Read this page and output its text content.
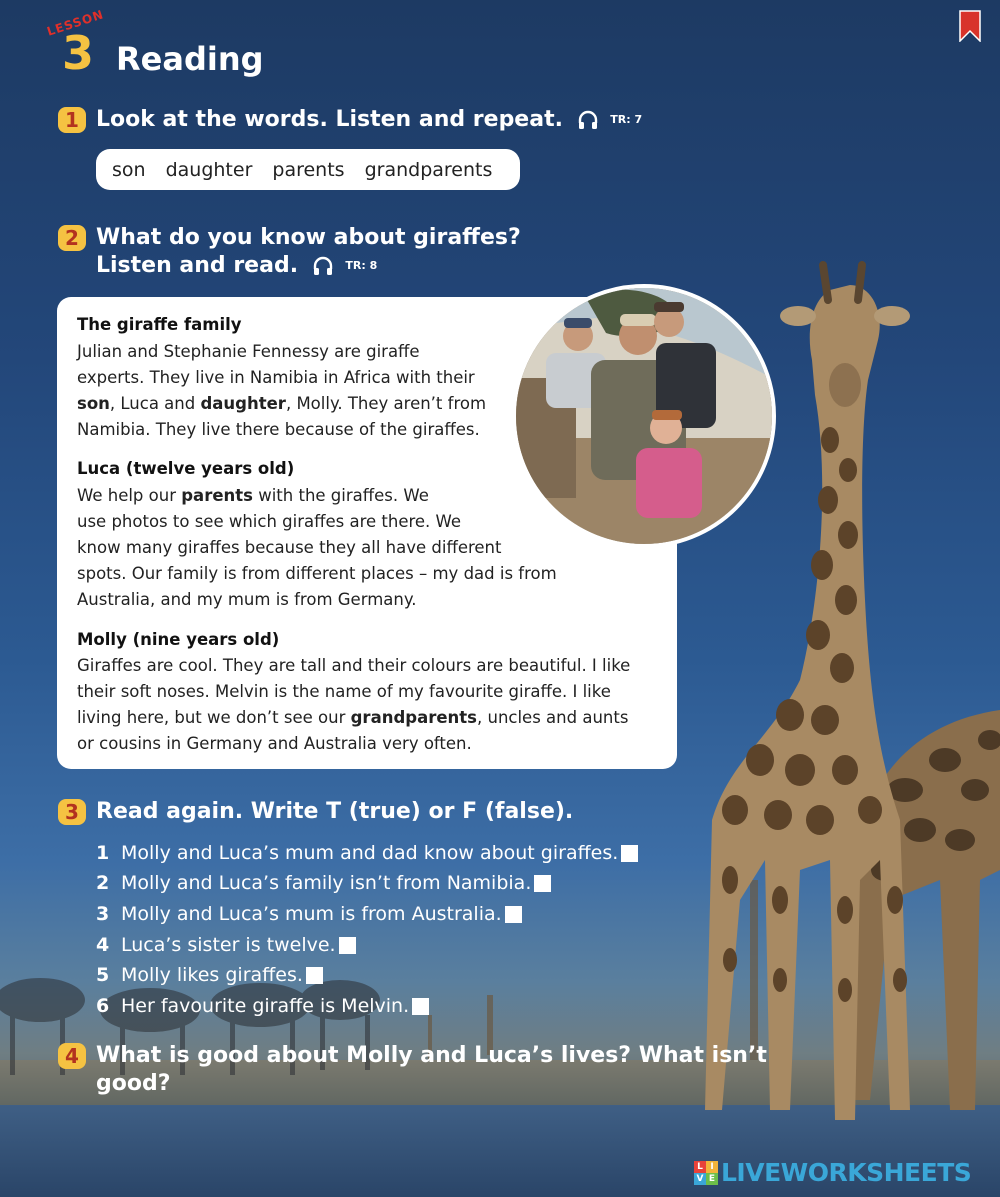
LESSON
3 Reading
1 Look at the words. Listen and repeat.	TR: 7
son daughter parents grandparents
2 What do you know about giraffes?
Listen and read.	TR: 8
The giraffe family
Julian and Stephanie Fennessy are giraffe
experts. They live in Namibia in Africa with their
son, Luca and daughter, Molly. They aren’t from
Namibia. They live there because of the giraffes.
Luca (twelve years old)
We help our parents with the giraffes. We
use photos to see which giraffes are there. We
know many giraffes because they all have different
spots. Our family is from different places – my dad is from
Australia, and my mum is from Germany.
Molly (nine years old)
Giraffes are cool. They are tall and their colours are beautiful. I like
their soft noses. Melvin is the name of my favourite giraffe. I like
living here, but we don’t see our grandparents, uncles and aunts
or cousins in Germany and Australia very often.
3 Read again. Write T (true) or F (false).
1 Molly and Luca’s mum and dad know about giraffes.
2 Molly and Luca’s family isn’t from Namibia.
3 Molly and Luca’s mum is from Australia.
4 Luca’s sister is twelve.
5 Molly likes giraffes.
6 Her favourite giraffe is Melvin.
4 What is good about Molly and Luca’s lives? What isn’t
good?
L I
V E LIVEWORKSHEETS
